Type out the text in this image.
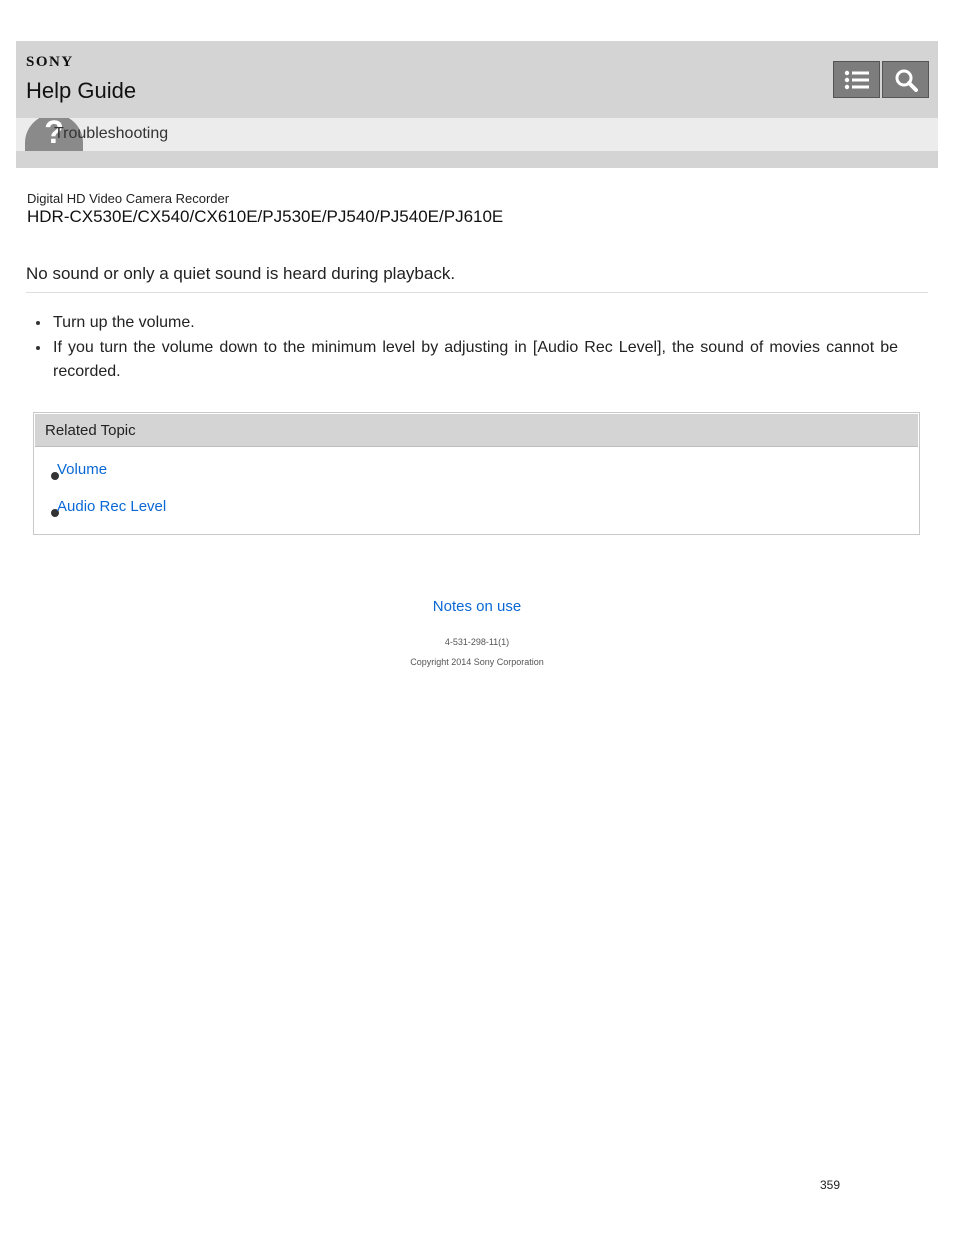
SONY
Help Guide
?
Troubleshooting
Digital HD Video Camera Recorder
HDR-CX530E/CX540/CX610E/PJ530E/PJ540/PJ540E/PJ610E
No sound or only a quiet sound is heard during playback.
Turn up the volume.
If you turn the volume down to the minimum level by adjusting in [Audio Rec Level], the sound of movies cannot be recorded.
Related Topic
Volume
Audio Rec Level
Notes on use
4-531-298-11(1)
Copyright 2014 Sony Corporation
359
